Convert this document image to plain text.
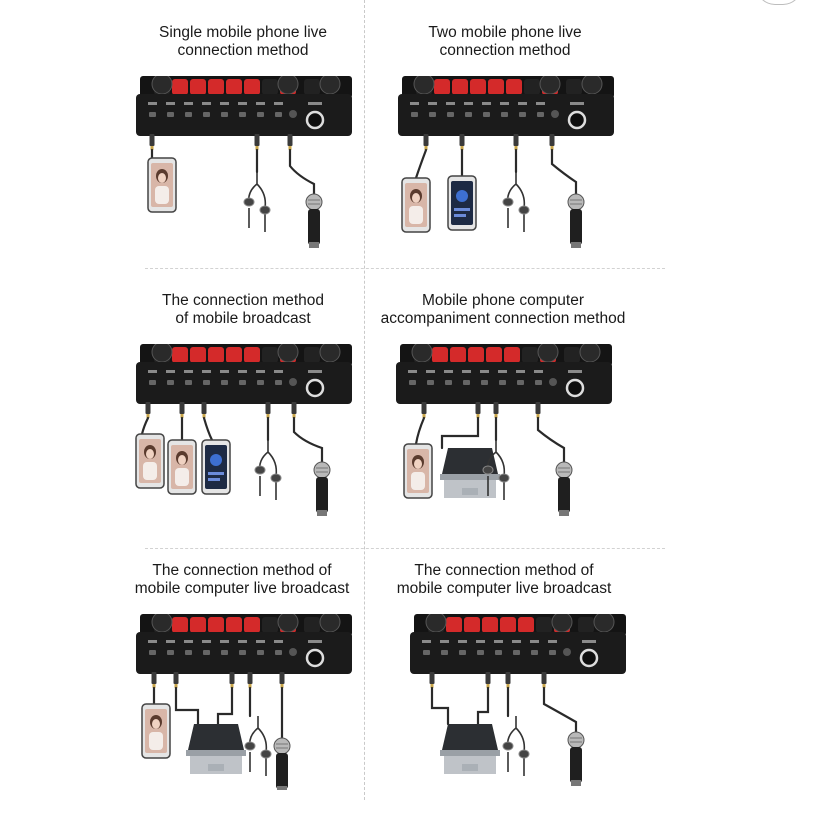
Single mobile phone live
connection method

Two mobile phone live
connection method

The connection method
of mobile broadcast

Mobile phone computer
accompaniment connection method

The connection method of
mobile computer live broadcast

The connection method of
mobile computer live broadcast
